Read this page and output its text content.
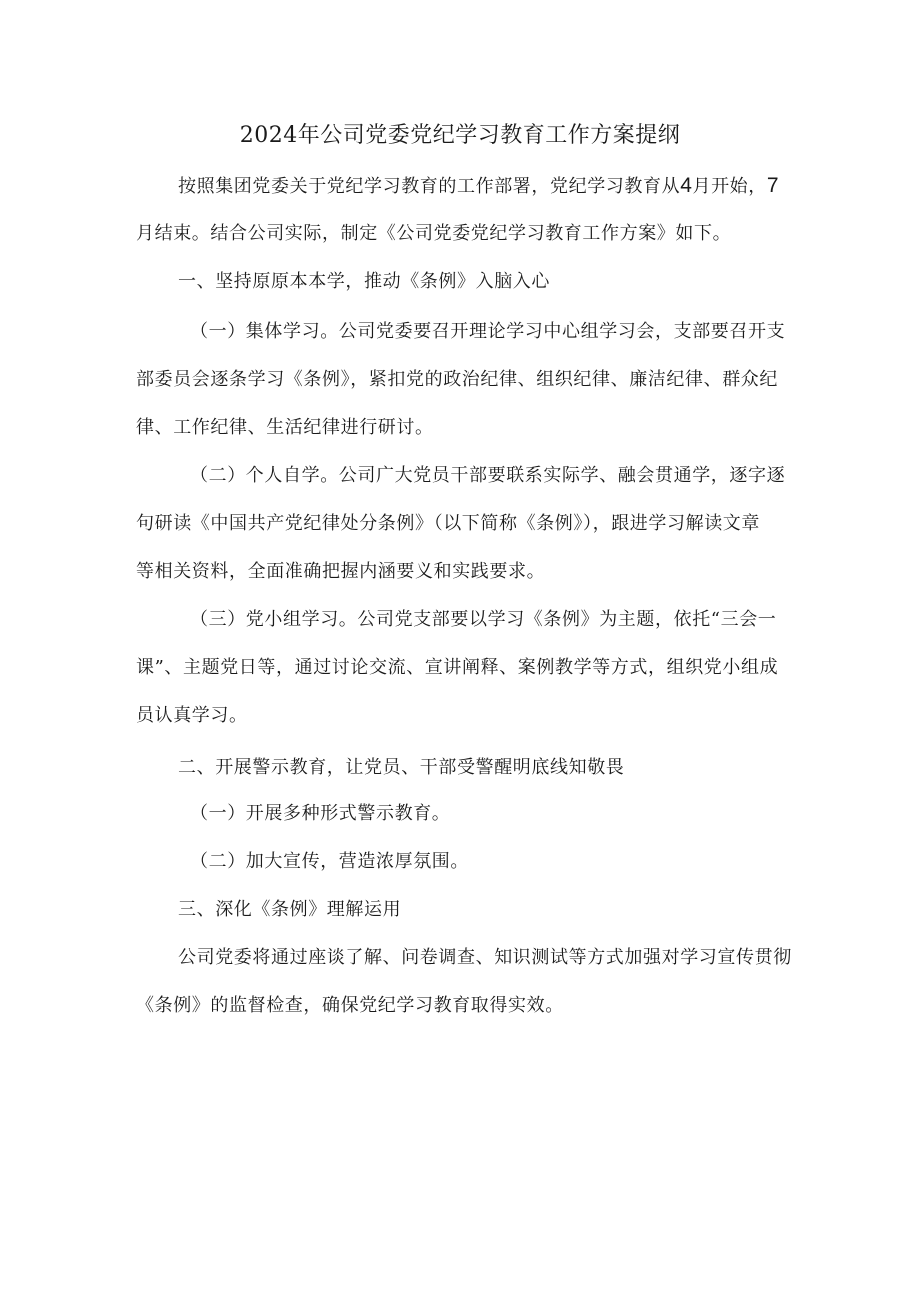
2024年公司党委党纪学习教育工作方案提纲
按照集团党委关于党纪学习教育的工作部署，党纪学习教育从4月开始，7
月结束。结合公司实际，制定《公司党委党纪学习教育工作方案》如下。
一、坚持原原本本学，推动《条例》入脑入心
（一）集体学习。公司党委要召开理论学习中心组学习会，支部要召开支
部委员会逐条学习《条例》，紧扣党的政治纪律、组织纪律、廉洁纪律、群众纪
律、工作纪律、生活纪律进行研讨。
（二）个人自学。公司广大党员干部要联系实际学、融会贯通学，逐字逐
句研读《中国共产党纪律处分条例》（以下简称《条例》），跟进学习解读文章
等相关资料，全面准确把握内涵要义和实践要求。
（三）党小组学习。公司党支部要以学习《条例》为主题，依托“三会一
课”、主题党日等，通过讨论交流、宣讲阐释、案例教学等方式，组织党小组成
员认真学习。
二、开展警示教育，让党员、干部受警醒明底线知敬畏
（一）开展多种形式警示教育。
（二）加大宣传，营造浓厚氛围。
三、深化《条例》理解运用
公司党委将通过座谈了解、问卷调查、知识测试等方式加强对学习宣传贯彻
《条例》的监督检查，确保党纪学习教育取得实效。
